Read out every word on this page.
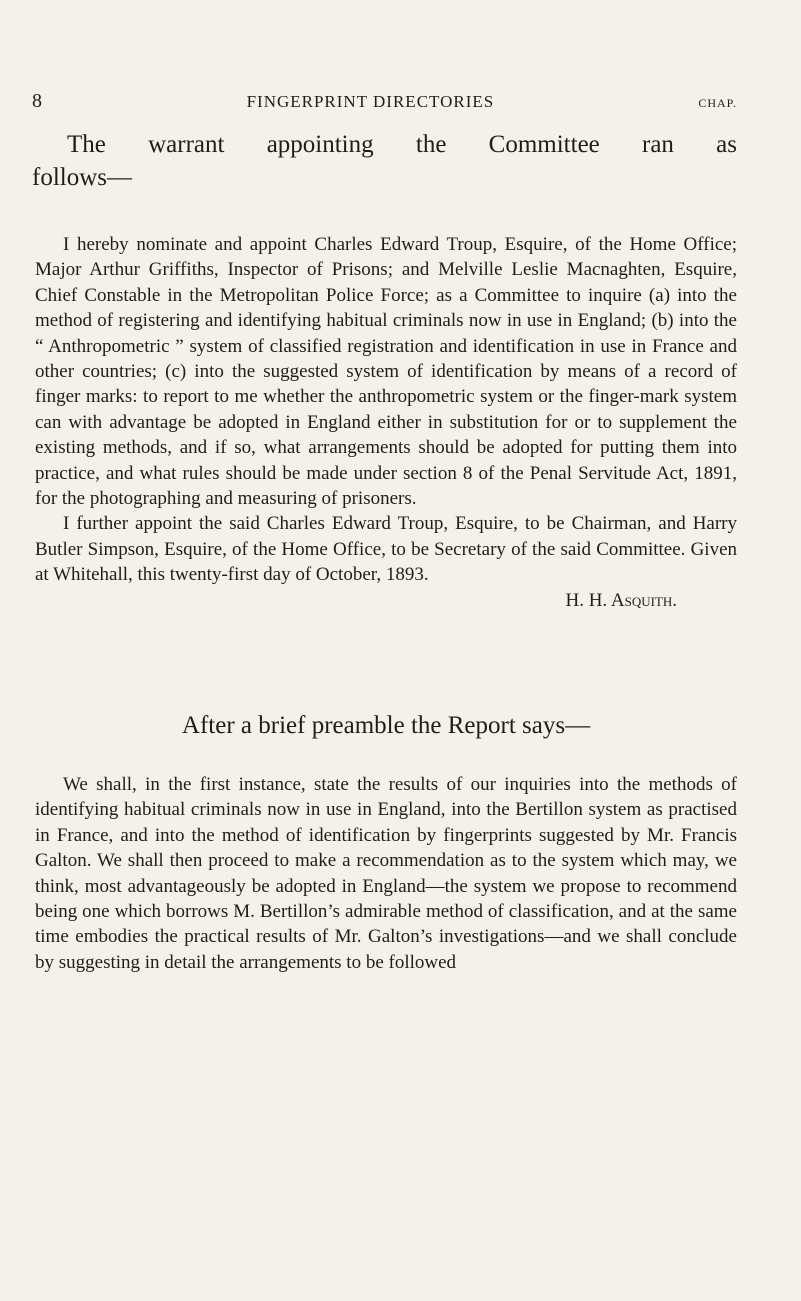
8	FINGERPRINT DIRECTORIES	CHAP.
The warrant appointing the Committee ran as
follows—

I hereby nominate and appoint Charles Edward Troup, Esquire, of the Home Office; Major Arthur Griffiths, Inspector of Prisons; and Melville Leslie Macnaghten, Esquire, Chief Constable in the Metropolitan Police Force; as a Committee to inquire (a) into the method of registering and identifying habitual criminals now in use in England; (b) into the “ Anthropometric ” system of classified registration and identification in use in France and other countries; (c) into the suggested system of identification by means of a record of finger marks: to report to me whether the anthropometric system or the finger-mark system can with advantage be adopted in England either in substitution for or to supplement the existing methods, and if so, what arrangements should be adopted for putting them into practice, and what rules should be made under section 8 of the Penal Servitude Act, 1891, for the photographing and measuring of prisoners.

I further appoint the said Charles Edward Troup, Esquire, to be Chairman, and Harry Butler Simpson, Esquire, of the Home Office, to be Secretary of the said Committee. Given at Whitehall, this twenty-first day of October, 1893.

H. H. Asquith.

After a brief preamble the Report says—

We shall, in the first instance, state the results of our inquiries into the methods of identifying habitual criminals now in use in England, into the Bertillon system as practised in France, and into the method of identification by fingerprints suggested by Mr. Francis Galton. We shall then proceed to make a recommendation as to the system which may, we think, most advantageously be adopted in England—the system we propose to recommend being one which borrows M. Bertillon’s admirable method of classification, and at the same time embodies the practical results of Mr. Galton’s investigations—and we shall conclude by suggesting in detail the arrangements to be followed
